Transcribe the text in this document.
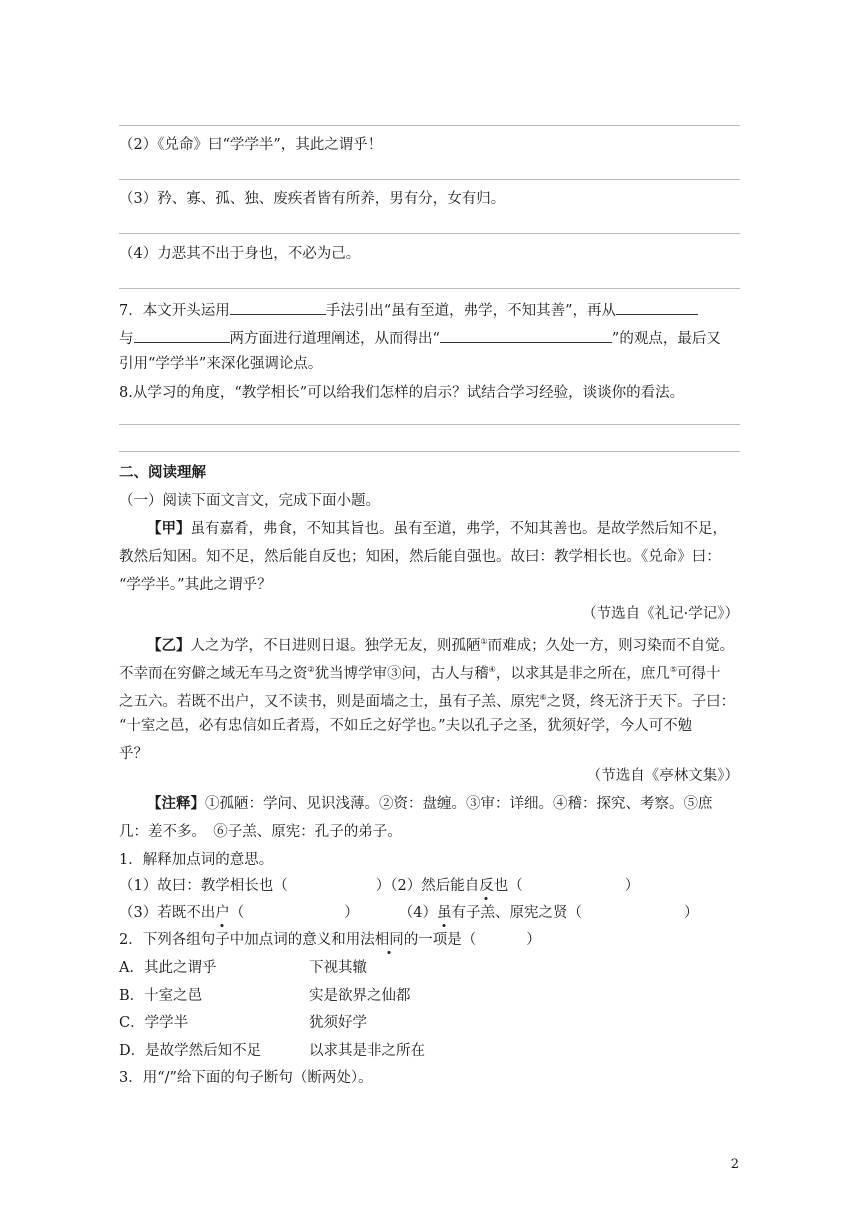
（2）《兑命》曰“学学半”，其此之谓乎！
（3）矜、寡、孤、独、废疾者皆有所养，男有分，女有归。
（4）力恶其不出于身也，不必为己。
7．本文开头运用	手法引出“虽有至道，弗学，不知其善”，再从
与	两方面进行道理阐述，从而得出“	”的观点，最后又
引用“学学半”来深化强调论点。
8.从学习的角度，“教学相长”可以给我们怎样的启示？试结合学习经验，谈谈你的看法。
二、阅读理解
（一）阅读下面文言文，完成下面小题。
【甲】虽有嘉肴，弗食，不知其旨也。虽有至道，弗学，不知其善也。是故学然后知不足，
教然后知困。知不足，然后能自反也；知困，然后能自强也。故曰：教学相长也。《兑命》曰：
“学学半。”其此之谓乎？
（节选自《礼记·学记》）
【乙】人之为学，不日进则日退。独学无友，则孤陋①而难成；久处一方，则习染而不自觉。
不幸而在穷僻之域无车马之资②犹当博学审③问，古人与稽④，以求其是非之所在，庶几⑤可得十
之五六。若既不出户，又不读书，则是面墙之士，虽有子羔、原宪⑥之贤，终无济于天下。子曰：
“十室之邑，必有忠信如丘者焉，不如丘之好学也。”夫以孔子之圣，犹须好学，今人可不勉
乎？
（节选自《亭林文集》）
【注释】①孤陋：学问、见识浅薄。②资：盘缠。③审：详细。④稽：探究、考察。⑤庶
几：差不多。　⑥子羔、原宪：孔子的弟子。
1．解释加点词的意思。
（1）故曰：教学相长也（	）（2）然后能自反也（	）
（3）若既不出户（	）	（4）虽有子羔、原宪之贤（	）
2．下列各组句子中加点词的意义和用法相同的一项是（	）
A．其此之谓乎	下视其辙
B．十室之邑	实是欲界之仙都
C．学学半	犹须好学
D．是故学然后知不足	以求其是非之所在
3．用“/”给下面的句子断句（断两处）。
2
